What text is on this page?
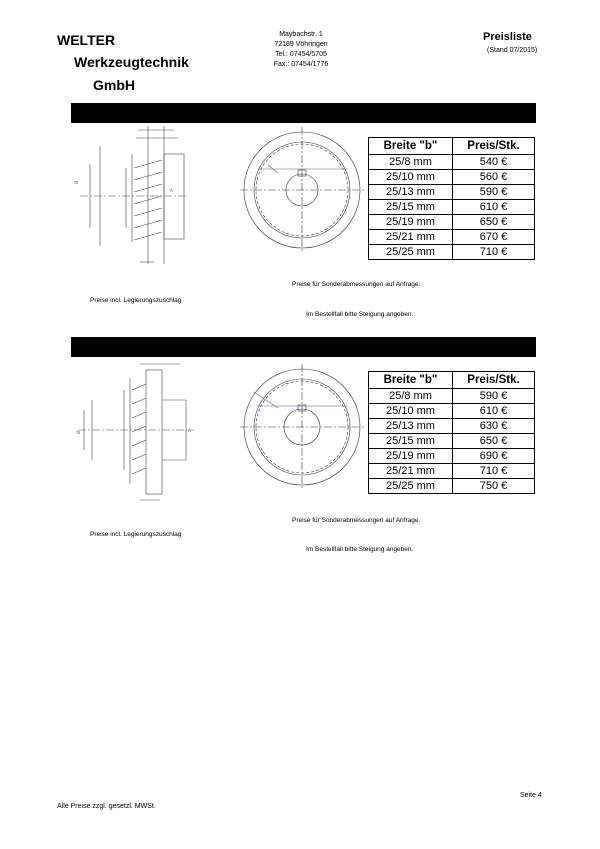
WELTER
Werkzeugtechnik
GmbH
Maybachstr. 1
72189 Vöhringen
Tel.: 07454/5705
Fax.: 07454/1776
Preisliste
(Stand 07/2015)
A
Ø
Breite "b"	Preis/Stk.
25/8 mm	540 €
25/10 mm	560 €
25/13 mm	590 €
25/15 mm	610 €
25/19 mm	650 €
25/21 mm	670 €
25/25 mm	710 €
Preise für Sonderabmessungen auf Anfrage.
Preise incl. Legierungszuschlag
Im Bestellfall bitte Steigung angeben.
A
Ø
Breite "b"	Preis/Stk.
25/8 mm	590 €
25/10 mm	610 €
25/13 mm	630 €
25/15 mm	650 €
25/19 mm	690 €
25/21 mm	710 €
25/25 mm	750 €
Preise für Sonderabmessungen auf Anfrage.
Preise incl. Legierungszuschlag
Im Bestellfall bitte Steigung angeben.
Seite 4
Alle Preise zzgl. gesetzl. MWSt.
